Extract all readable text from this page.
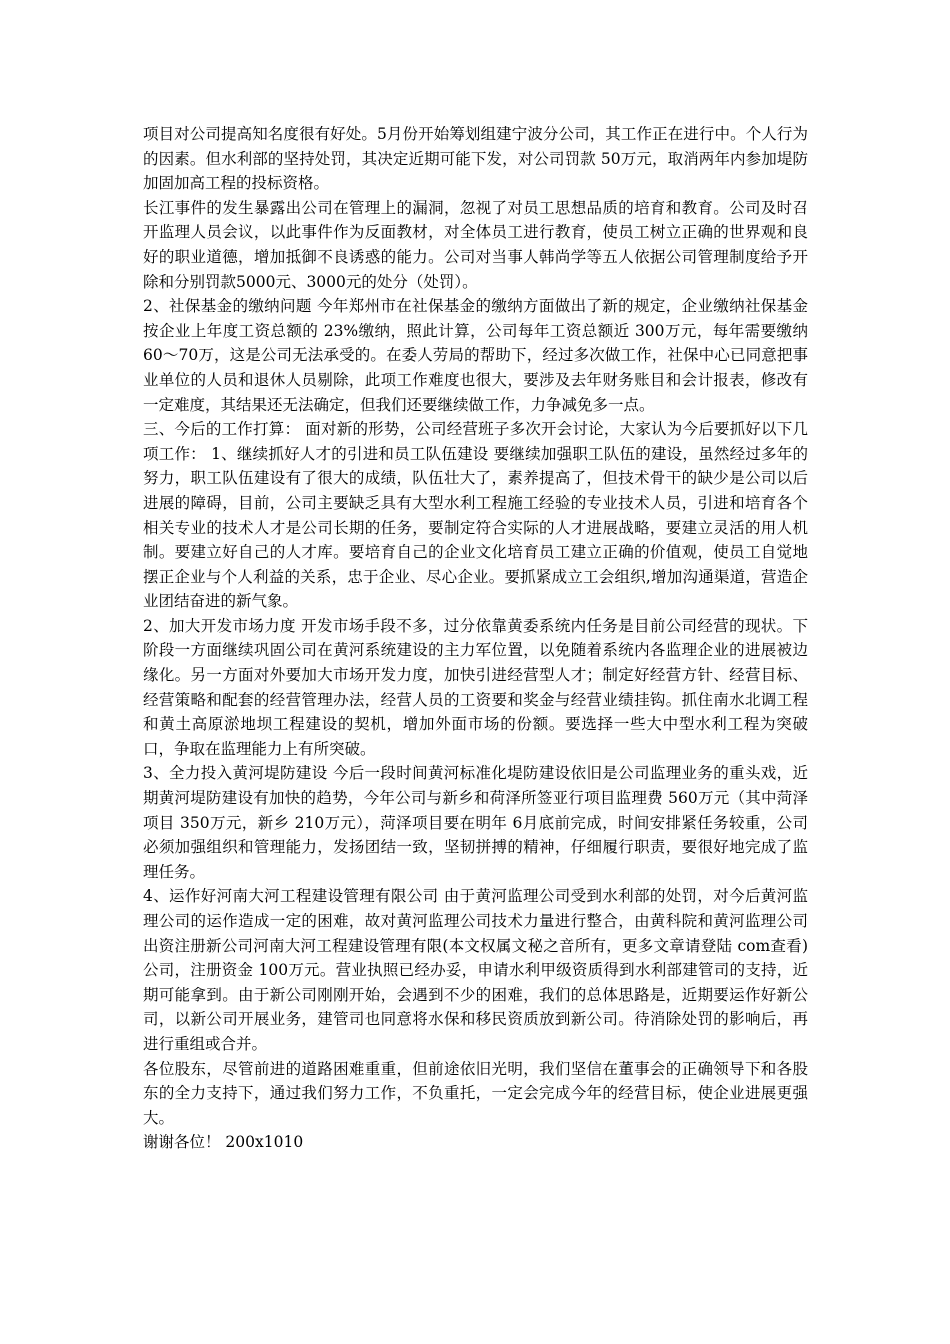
项目对公司提高知名度很有好处。5月份开始筹划组建宁波分公司，其工作正在进行中。个人行为的因素。但水利部的坚持处罚，其决定近期可能下发，对公司罚款 50万元，取消两年内参加堤防加固加高工程的投标资格。

长江事件的发生暴露出公司在管理上的漏洞，忽视了对员工思想品质的培育和教育。公司及时召开监理人员会议，以此事件作为反面教材，对全体员工进行教育，使员工树立正确的世界观和良好的职业道德，增加抵御不良诱惑的能力。公司对当事人韩尚学等五人依据公司管理制度给予开除和分别罚款5000元、3000元的处分（处罚）。

2、社保基金的缴纳问题 今年郑州市在社保基金的缴纳方面做出了新的规定，企业缴纳社保基金按企业上年度工资总额的 23%缴纳，照此计算，公司每年工资总额近 300万元，每年需要缴纳 60～70万，这是公司无法承受的。在委人劳局的帮助下，经过多次做工作，社保中心已同意把事业单位的人员和退休人员剔除，此项工作难度也很大，要涉及去年财务账目和会计报表，修改有一定难度，其结果还无法确定，但我们还要继续做工作，力争减免多一点。

三、今后的工作打算： 面对新的形势，公司经营班子多次开会讨论，大家认为今后要抓好以下几项工作： 1、继续抓好人才的引进和员工队伍建设 要继续加强职工队伍的建设，虽然经过多年的努力，职工队伍建设有了很大的成绩，队伍壮大了，素养提高了，但技术骨干的缺少是公司以后进展的障碍，目前，公司主要缺乏具有大型水利工程施工经验的专业技术人员，引进和培育各个相关专业的技术人才是公司长期的任务，要制定符合实际的人才进展战略，要建立灵活的用人机制。要建立好自己的人才库。要培育自己的企业文化培育员工建立正确的价值观，使员工自觉地摆正企业与个人利益的关系，忠于企业、尽心企业。要抓紧成立工会组织,增加沟通渠道，营造企业团结奋进的新气象。

2、加大开发市场力度 开发市场手段不多，过分依靠黄委系统内任务是目前公司经营的现状。下阶段一方面继续巩固公司在黄河系统建设的主力军位置，以免随着系统内各监理企业的进展被边缘化。另一方面对外要加大市场开发力度，加快引进经营型人才；制定好经营方针、经营目标、经营策略和配套的经营管理办法，经营人员的工资要和奖金与经营业绩挂钩。抓住南水北调工程和黄土高原淤地坝工程建设的契机，增加外面市场的份额。要选择一些大中型水利工程为突破口，争取在监理能力上有所突破。

3、全力投入黄河堤防建设 今后一段时间黄河标准化堤防建设依旧是公司监理业务的重头戏，近期黄河堤防建设有加快的趋势，今年公司与新乡和荷泽所签亚行项目监理费 560万元（其中菏泽项目 350万元，新乡 210万元），菏泽项目要在明年 6月底前完成，时间安排紧任务较重，公司必须加强组织和管理能力，发扬团结一致，坚韧拼搏的精神，仔细履行职责，要很好地完成了监理任务。

4、运作好河南大河工程建设管理有限公司 由于黄河监理公司受到水利部的处罚，对今后黄河监理公司的运作造成一定的困难，故对黄河监理公司技术力量进行整合，由黄科院和黄河监理公司出资注册新公司河南大河工程建设管理有限(本文权属文秘之音所有，更多文章请登陆 com查看)公司，注册资金 100万元。营业执照已经办妥，申请水利甲级资质得到水利部建管司的支持，近期可能拿到。由于新公司刚刚开始，会遇到不少的困难，我们的总体思路是，近期要运作好新公司，以新公司开展业务，建管司也同意将水保和移民资质放到新公司。待消除处罚的影响后，再进行重组或合并。

各位股东，尽管前进的道路困难重重，但前途依旧光明，我们坚信在董事会的正确领导下和各股东的全力支持下，通过我们努力工作，不负重托，一定会完成今年的经营目标，使企业进展更强大。

谢谢各位！ 200x1010
